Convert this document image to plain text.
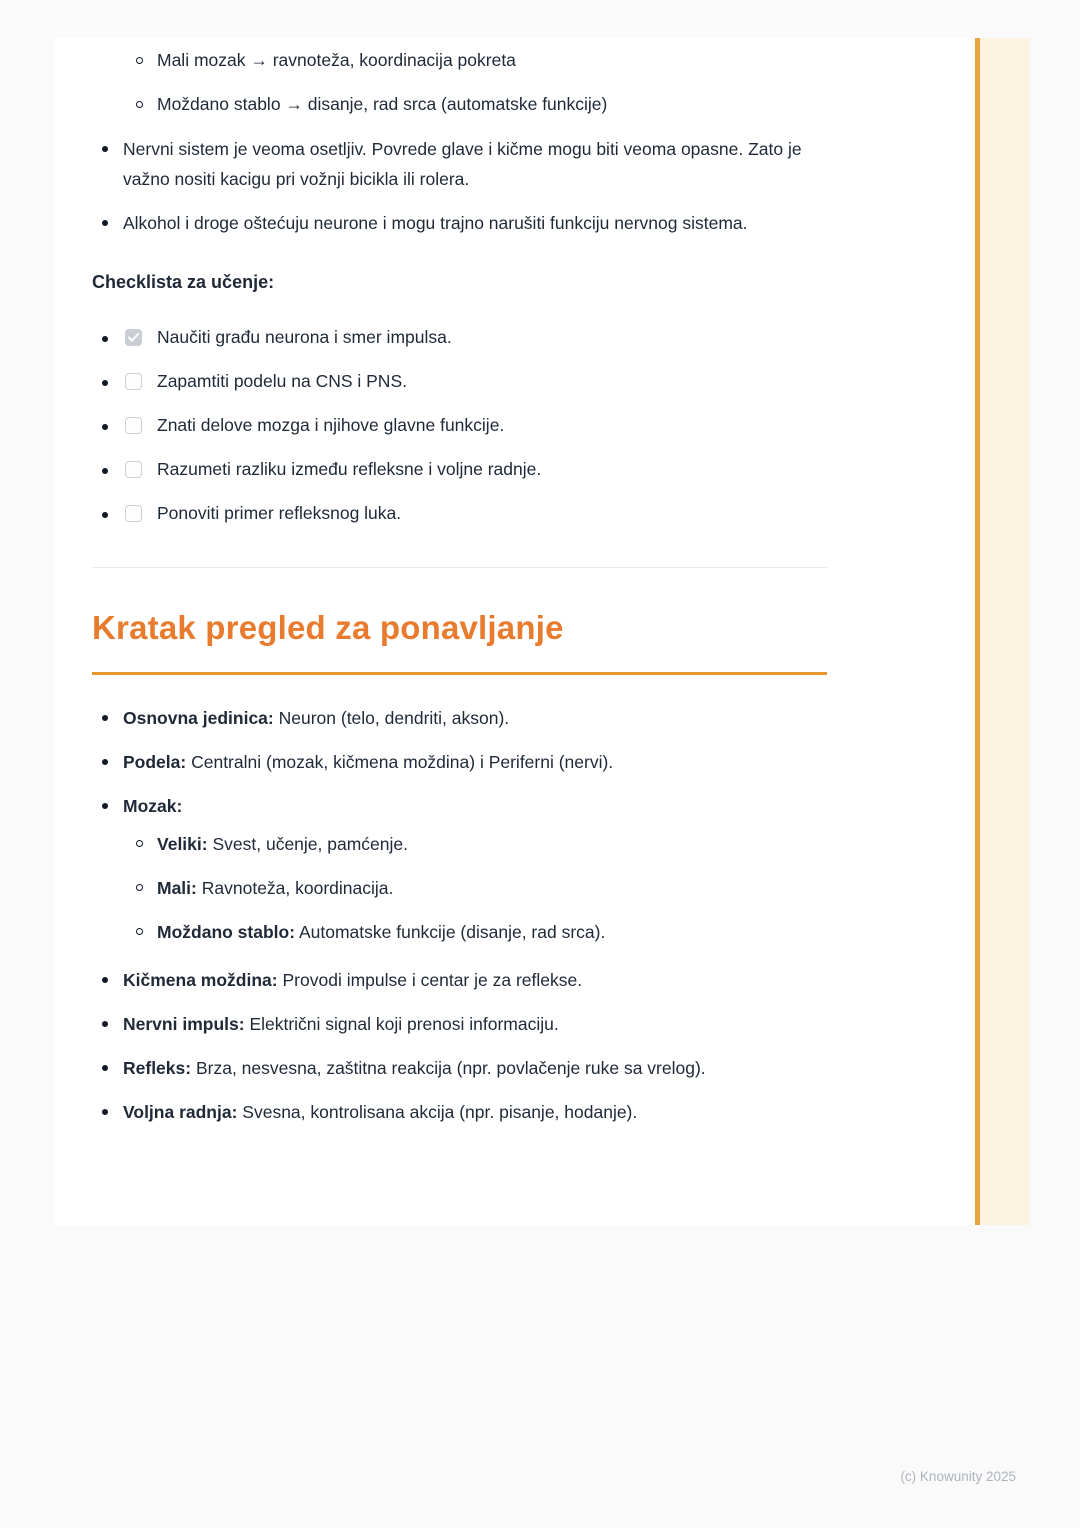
Mali mozak → ravnoteža, koordinacija pokreta
Moždano stablo → disanje, rad srca (automatske funkcije)
Nervni sistem je veoma osetljiv. Povrede glave i kičme mogu biti veoma opasne. Zato je važno nositi kacigu pri vožnji bicikla ili rolera.
Alkohol i droge oštećuju neurone i mogu trajno narušiti funkciju nervnog sistema.
Checklista za učenje:
Naučiti građu neurona i smer impulsa.
Zapamtiti podelu na CNS i PNS.
Znati delove mozga i njihove glavne funkcije.
Razumeti razliku između refleksne i voljne radnje.
Ponoviti primer refleksnog luka.
Kratak pregled za ponavljanje
Osnovna jedinica: Neuron (telo, dendriti, akson).
Podela: Centralni (mozak, kičmena moždina) i Periferni (nervi).
Mozak:
Veliki: Svest, učenje, pamćenje.
Mali: Ravnoteža, koordinacija.
Moždano stablo: Automatske funkcije (disanje, rad srca).
Kičmena moždina: Provodi impulse i centar je za reflekse.
Nervni impuls: Električni signal koji prenosi informaciju.
Refleks: Brza, nesvesna, zaštitna reakcija (npr. povlačenje ruke sa vrelog).
Voljna radnja: Svesna, kontrolisana akcija (npr. pisanje, hodanje).
(c) Knowunity 2025
